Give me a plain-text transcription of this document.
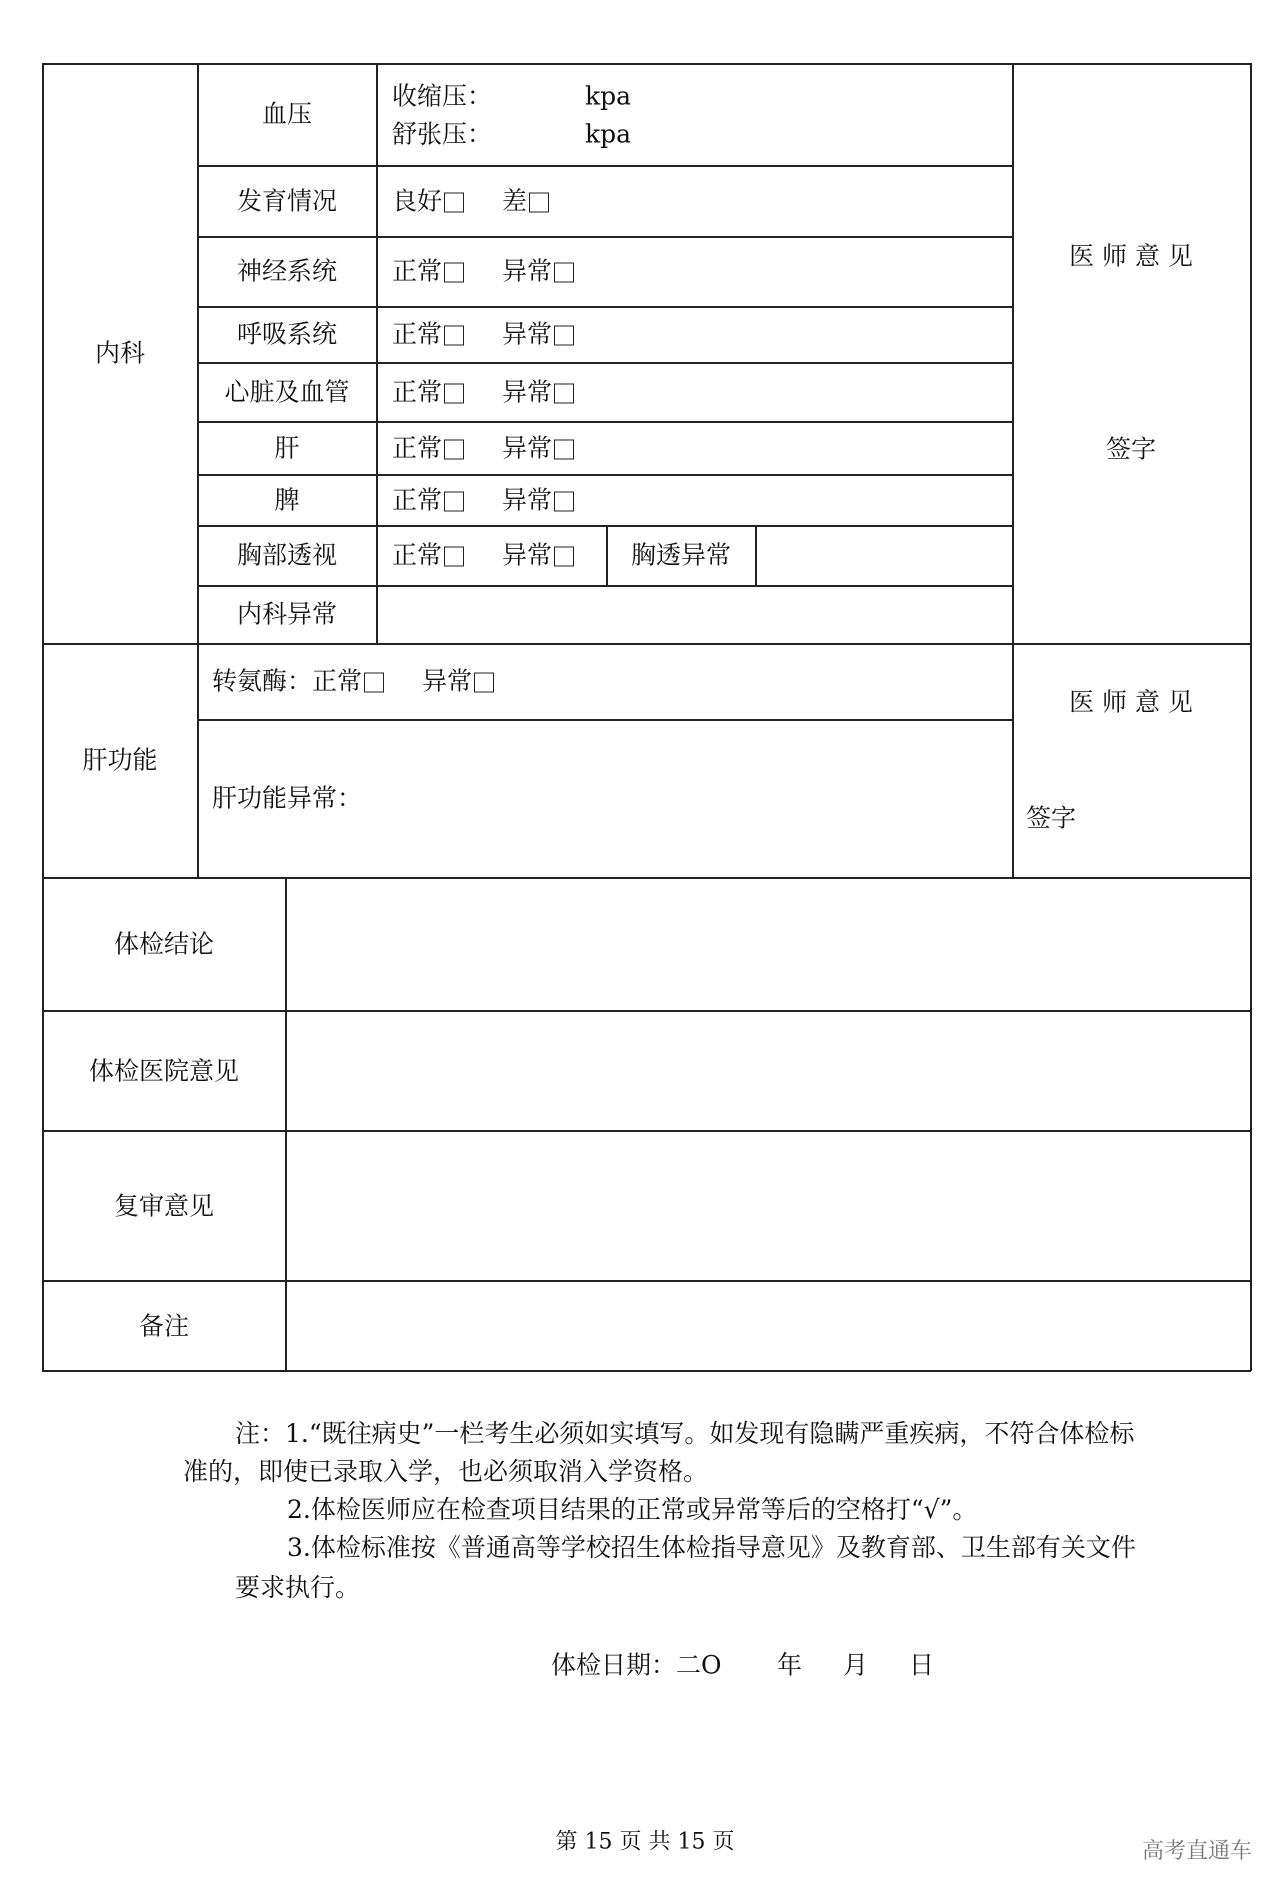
内科
血压
收缩压：	kpa
舒张压：	kpa
发育情况 良好 差
神经系统 正常 异常
呼吸系统 正常 异常
心脏及血管 正常 异常
肝	正常 异常
脾	正常 异常
胸部透视 正常 异常	胸透异常
内科异常
医 师 意 见
签字
肝功能
转氨酶：正常 异常
肝功能异常：
医 师 意 见
签字
体检结论
体检医院意见
复审意见
备注
注：1.“既往病史”一栏考生必须如实填写。如发现有隐瞒严重疾病，不符合体检标
准的，即使已录取入学，也必须取消入学资格。
2.体检医师应在检查项目结果的正常或异常等后的空格打“√”。
3.体检标准按《普通高等学校招生体检指导意见》及教育部、卫生部有关文件
要求执行。
体检日期：二O 年 月 日
第 15 页 共 15 页	高考直通车
